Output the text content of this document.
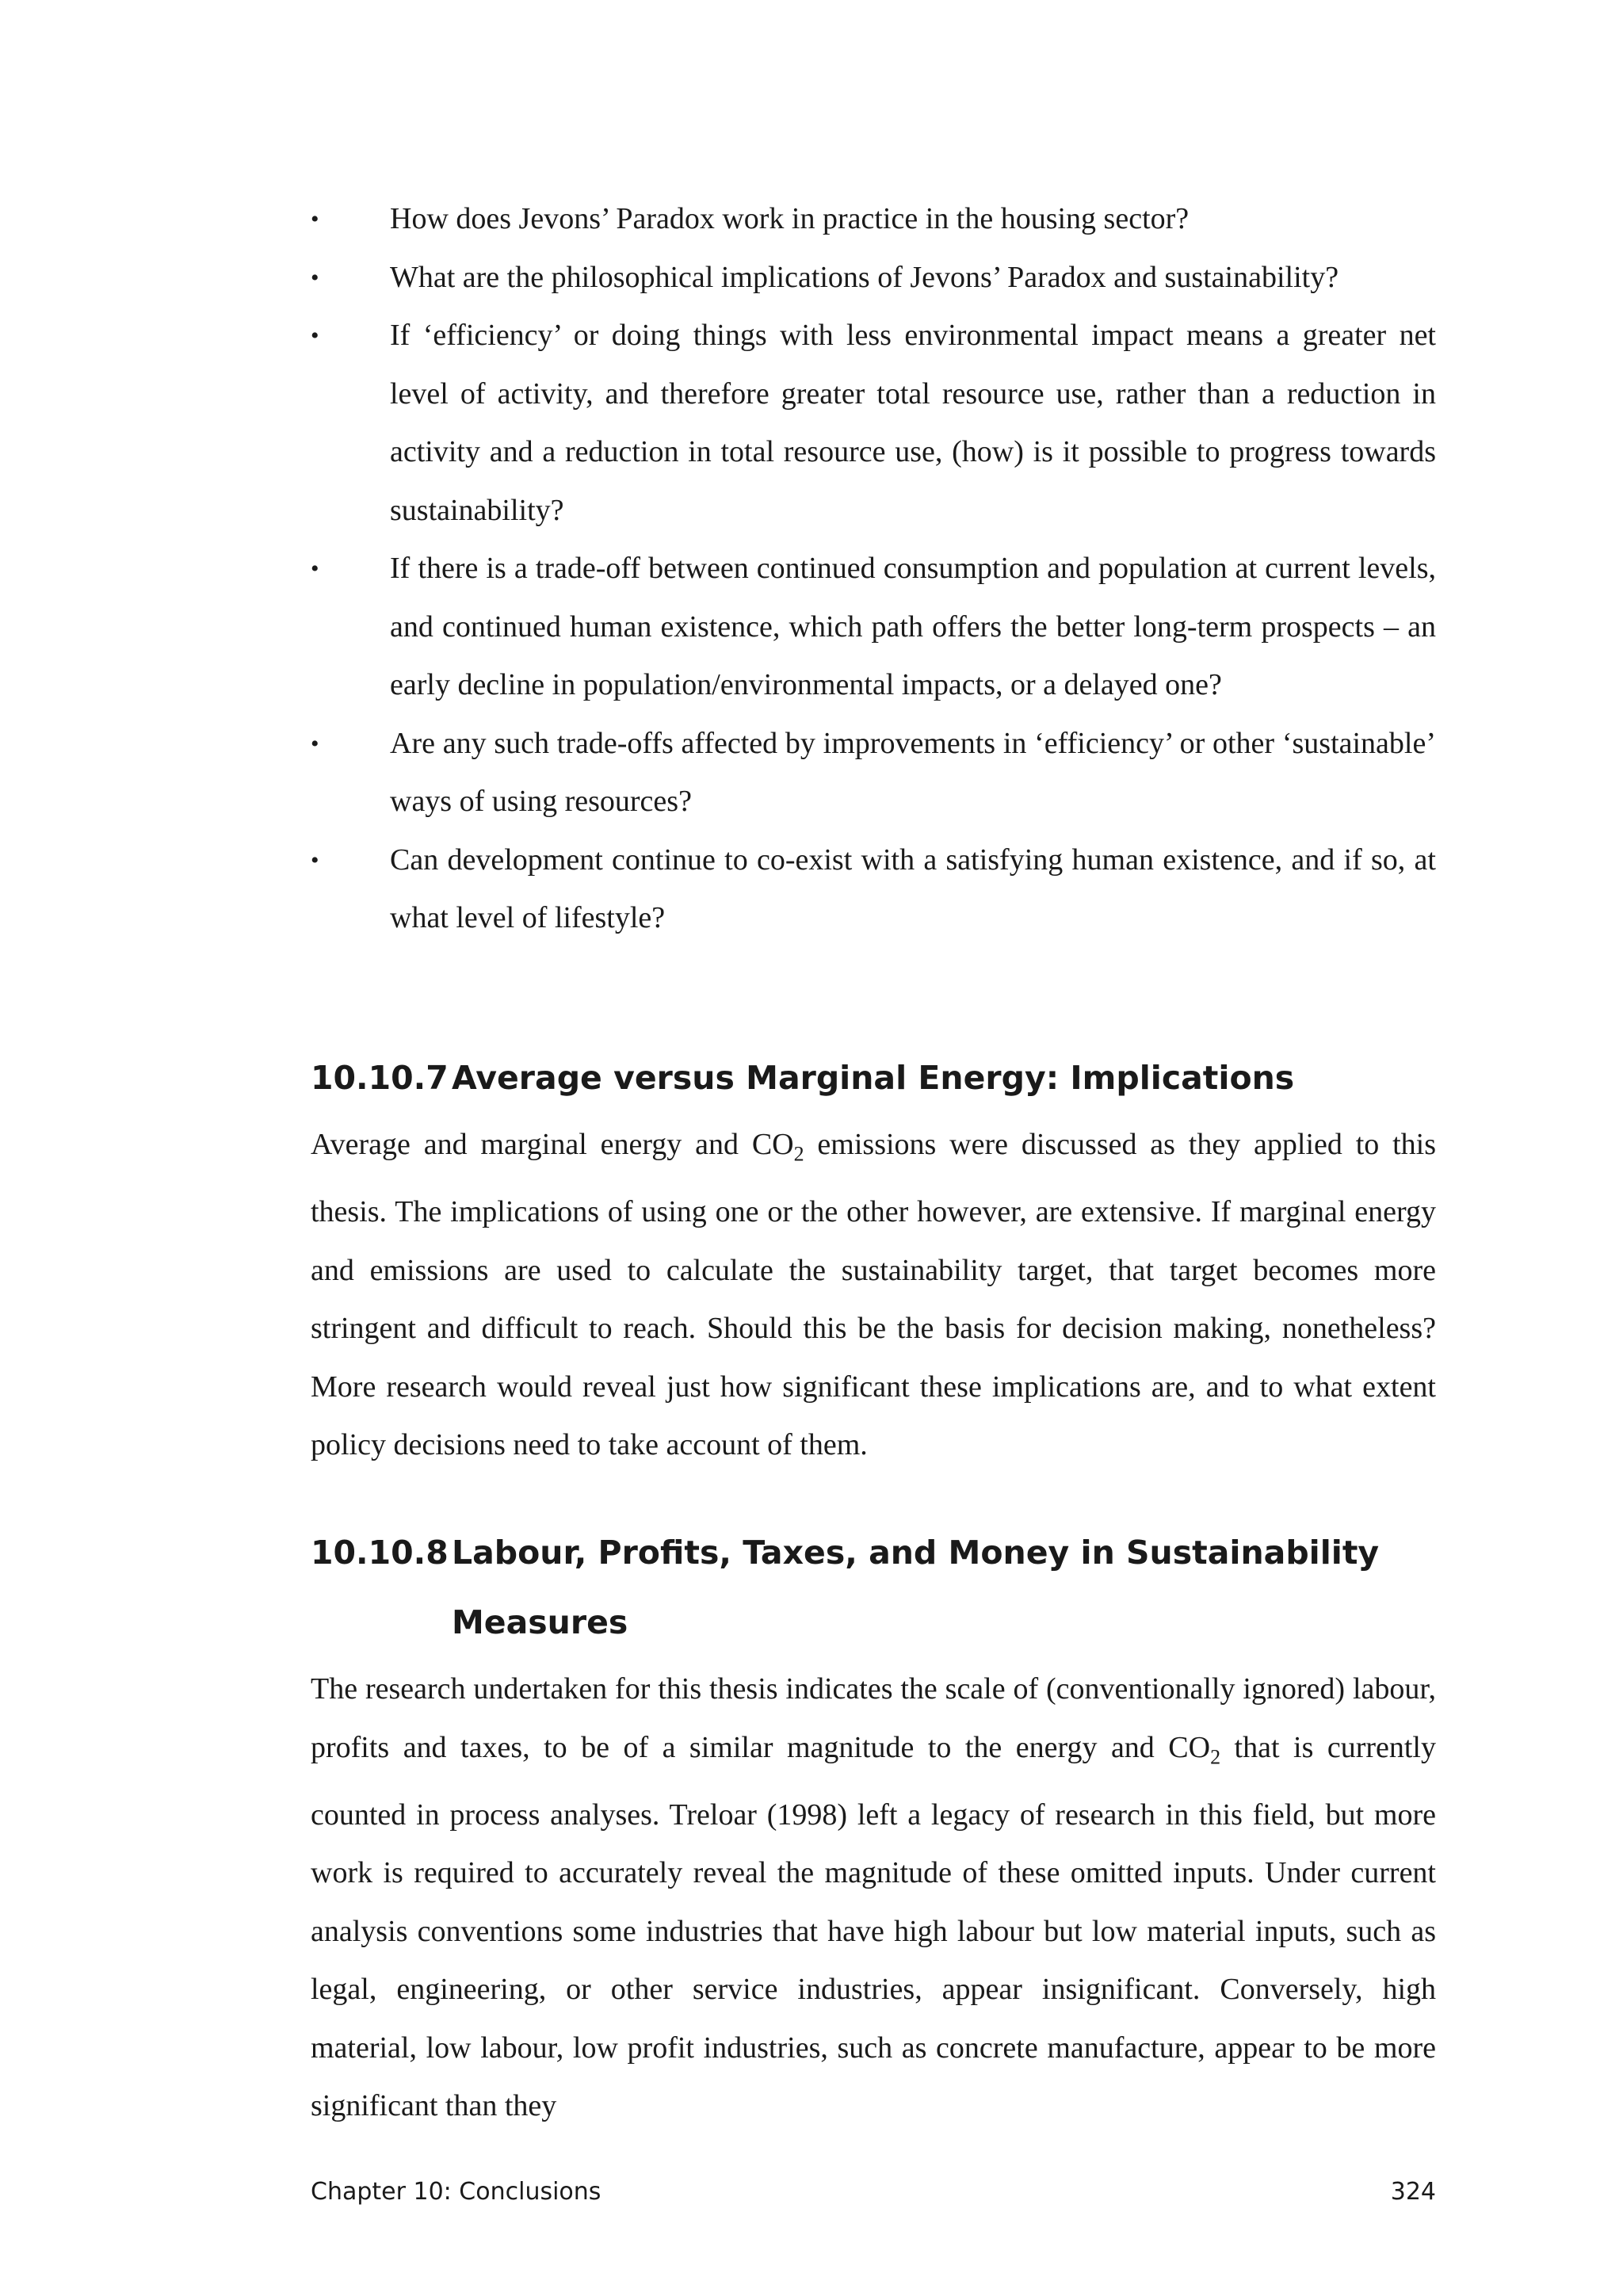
•	How does Jevons’ Paradox work in practice in the housing sector?
•	What are the philosophical implications of Jevons’ Paradox and sustainability?
•	If ‘efficiency’ or doing things with less environmental impact means a greater net level of activity, and therefore greater total resource use, rather than a reduction in activity and a reduction in total resource use, (how) is it possible to progress towards sustainability?
•	If there is a trade-off between continued consumption and population at current levels, and continued human existence, which path offers the better long-term prospects – an early decline in population/environmental impacts, or a delayed one?
•	Are any such trade-offs affected by improvements in ‘efficiency’ or other ‘sustainable’ ways of using resources?
•	Can development continue to co-exist with a satisfying human existence, and if so, at what level of lifestyle?
10.10.7 Average versus Marginal Energy: Implications

Average and marginal energy and $CO_2$ emissions were discussed as they applied to this thesis. The implications of using one or the other however, are extensive. If marginal energy and emissions are used to calculate the sustainability target, that target becomes more stringent and difficult to reach. Should this be the basis for decision making, nonetheless? More research would reveal just how significant these implications are, and to what extent policy decisions need to take account of them.

10.10.8 Labour, Profits, Taxes, and Money in Sustainability
Measures

The research undertaken for this thesis indicates the scale of (conventionally ignored) labour, profits and taxes, to be of a similar magnitude to the energy and $CO_2$ that is currently counted in process analyses. Treloar (1998) left a legacy of research in this field, but more work is required to accurately reveal the magnitude of these omitted inputs. Under current analysis conventions some industries that have high labour but low material inputs, such as legal, engineering, or other service industries, appear insignificant. Conversely, high material, low labour, low profit industries, such as concrete manufacture, appear to be more significant than they

Chapter 10: Conclusions	324
